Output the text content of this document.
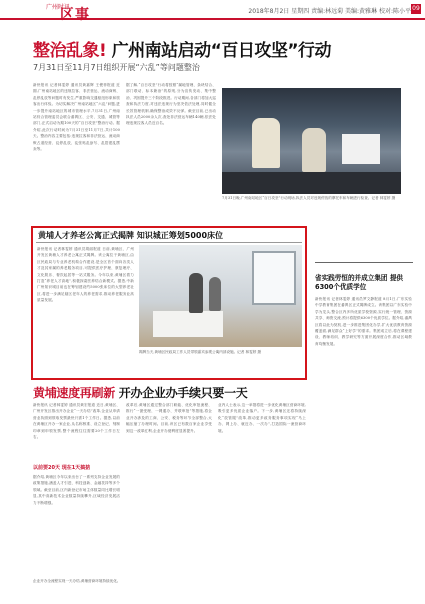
广州时讯
区事	2018年8月2日 星期四 责编:林远菊 美编:黄雅琳 校对:陈小平 09
整治乱象! 广州南站启动“百日攻坚”行动
7月31日至11月7日组织开展“六乱”等问题整治
新快报讯 记者林雯婷 通讯员黄嘉辉 王俊菲报道 近期,广州南站地区的违规拉客、非法营运、流动商贩、乱停乱放等问题时有发生,严重影响交通枢纽形象和旅客出行体验。为切实解决广州南站地区“六乱”问题,进一步提升南站地区的城市管理水平,7月31日,广州南站综合管理委员会联合番禺区、公安、交通、城管等部门,正式启动为期100天的“百日攻坚”整治行动。据介绍,此次行动时间为7月31日至11月7日,共计100天。整治内容主要包括:违规拉客和非法营运、流动商贩占道经营、乱停乱放、乱张贴乱涂写、乱搭建乱摆卖等。
据了解,“百日攻坚”行动将按照“属地管理、条块结合、部门联动、标本兼治”的原则,分为宣传发动、集中整治、巩固提升三个阶段推进。行动期间,各部门将加大巡查和执法力度,对违法违规行为坚决依法处理,同时健全长效管理机制,确保整治成效不反弹。截至目前,已出动执法人员2000余人次,查处非法营运车辆140辆,依法处理违规拉客人员近百名。
7月31日晚,广州南站地区“百日攻坚”行动现场,执法人员对违规停放的摩托车和车辆进行检查。记者 林雯婷 摄
黄埔人才养老公寓正式揭牌 知识城正筹划5000床位
新快报讯 记者林雯婷 通讯员胡丽报道 日前,黄埔区、广州开发区黄埔人才养老公寓正式揭牌。该公寓位于黄埔区,由区民政局与专业养老机构合作建设,是全区首个面向各类人才及其家属的养老服务项目,可提供医疗护理、康复理疗、文化娱乐、餐饮起居等一站式服务。今年以来,黄埔区着力打造“养老人才高地”,积极探索医养结合新模式。据悉,中新广州知识城目前也在筹划建设约5000张床位的大型养老社区,将进一步满足辖区老年人的养老需求,推动养老服务业高质量发展。
揭牌当天,黄埔区民政局工作人员带领嘉宾参观公寓内部设施。记者 林雯婷 摄
省实践劳恒的并成立集团 提供6300个优质学位
新快报讯 记者林雯婷 通讯员罗文静报道 8月1日,广东实验中学教育集团在番禺区正式揭牌成立。该集团以广东实验中学为龙头,整合区内多所优质学校资源,实行统一管理、资源共享、师资交流,预计将提供6300个优质学位。据介绍,番禺区将以此为契机,进一步推进集团化办学,扩大优质教育资源覆盖面,满足群众“上好学”的需求。集团成立后,将在课程建设、教师培训、教学研究等方面开展深度合作,推动区域教育均衡发展。
黄埔速度再刷新 开办企业办手续只要一天
新快报讯 记者林雯婷 通讯员黄宏报道 近日,黄埔区、广州开发区推出开办企业“一天办结”改革,企业从申请营业执照到领取发票最快只需1个工作日。据悉,以前在黄埔区开办一家企业,从名称核准、设立登记、刻制印章到申领发票,整个流程往往需要20个工作日左右。
以前要20天 现在1天搞掂
据介绍,黄埔区今年以来出台了一系列支持企业发展的政策措施,涵盖人才引进、科技创新、金融扶持等多个领域。截至目前,区内新登记市场主体数量同比增长明显,其中高新技术企业数量持续攀升,区域经济发展活力不断增强。
改革后,黄埔区通过整合部门职能、优化审批流程、推行“一窗受理、一网通办、并联审批”等措施,将企业开办涉及的工商、公安、税务等环节全部整合,大幅压缩了办理时间。目前,该区已有数百家企业享受到这一改革红利,企业开办便利度显著提升。
业内人士表示,这一举措将进一步优化黄埔区营商环境,吸引更多优质企业落户。下一步,黄埔区还将持续深化“放管服”改革,推动更多政务服务事项实现“马上办、网上办、就近办、一次办”,打造国际一流营商环境。
企业开办全流程实现一天办结,黄埔营商环境持续优化。
